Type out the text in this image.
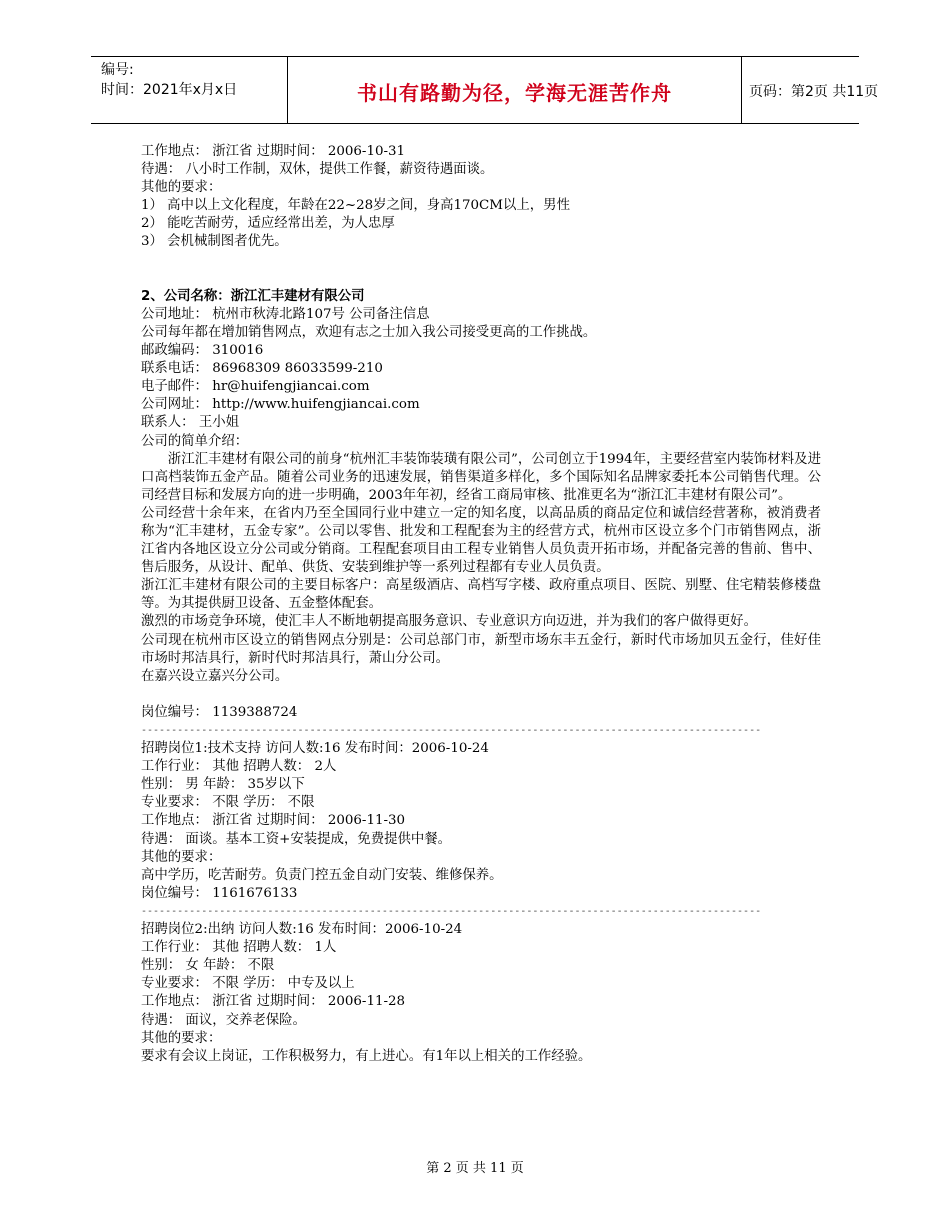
编号:
时间：2021年x月x日	书山有路勤为径，学海无涯苦作舟	页码：第2页 共11页
工作地点： 浙江省 过期时间： 2006-10-31
待遇： 八小时工作制，双休，提供工作餐，薪资待遇面谈。
其他的要求：
1） 高中以上文化程度，年龄在22~28岁之间，身高170CM以上，男性
2） 能吃苦耐劳，适应经常出差，为人忠厚
3） 会机械制图者优先。
2、公司名称：浙江汇丰建材有限公司
公司地址： 杭州市秋涛北路107号 公司备注信息
公司每年都在增加销售网点，欢迎有志之士加入我公司接受更高的工作挑战。
邮政编码： 310016
联系电话： 86968309 86033599-210
电子邮件： hr@huifengjiancai.com
公司网址： http://www.huifengjiancai.com
联系人： 王小姐
公司的简单介绍：
浙江汇丰建材有限公司的前身“杭州汇丰装饰装璜有限公司”，公司创立于1994年，主要经营室内装饰材料及进口高档装饰五金产品。随着公司业务的迅速发展，销售渠道多样化，多个国际知名品牌家委托本公司销售代理。公司经营目标和发展方向的进一步明确，2003年年初，经省工商局审核、批准更名为“浙江汇丰建材有限公司”。
公司经营十余年来，在省内乃至全国同行业中建立一定的知名度，以高品质的商品定位和诚信经营著称，被消费者称为“汇丰建材，五金专家”。公司以零售、批发和工程配套为主的经营方式，杭州市区设立多个门市销售网点，浙江省内各地区设立分公司或分销商。工程配套项目由工程专业销售人员负责开拓市场，并配备完善的售前、售中、售后服务，从设计、配单、供货、安装到维护等一系列过程都有专业人员负责。
浙江汇丰建材有限公司的主要目标客户：高星级酒店、高档写字楼、政府重点项目、医院、别墅、住宅精装修楼盘等。为其提供厨卫设备、五金整体配套。
激烈的市场竞争环境，使汇丰人不断地朝提高服务意识、专业意识方向迈进，并为我们的客户做得更好。
公司现在杭州市区设立的销售网点分别是：公司总部门市，新型市场东丰五金行，新时代市场加贝五金行，佳好佳市场时邦洁具行，新时代时邦洁具行，萧山分公司。
在嘉兴设立嘉兴分公司。
岗位编号： 1139388724
-------------------------------------------------------------------------------------------------------
招聘岗位1:技术支持 访问人数:16 发布时间：2006-10-24
工作行业： 其他 招聘人数： 2人
性别： 男 年龄： 35岁以下
专业要求： 不限 学历： 不限
工作地点： 浙江省 过期时间： 2006-11-30
待遇： 面谈。基本工资+安装提成，免费提供中餐。
其他的要求：
高中学历，吃苦耐劳。负责门控五金自动门安装、维修保养。
岗位编号： 1161676133
-------------------------------------------------------------------------------------------------------
招聘岗位2:出纳 访问人数:16 发布时间：2006-10-24
工作行业： 其他 招聘人数： 1人
性别： 女 年龄： 不限
专业要求： 不限 学历： 中专及以上
工作地点： 浙江省 过期时间： 2006-11-28
待遇： 面议，交养老保险。
其他的要求：
要求有会议上岗证，工作积极努力，有上进心。有1年以上相关的工作经验。
第 2 页 共 11 页
